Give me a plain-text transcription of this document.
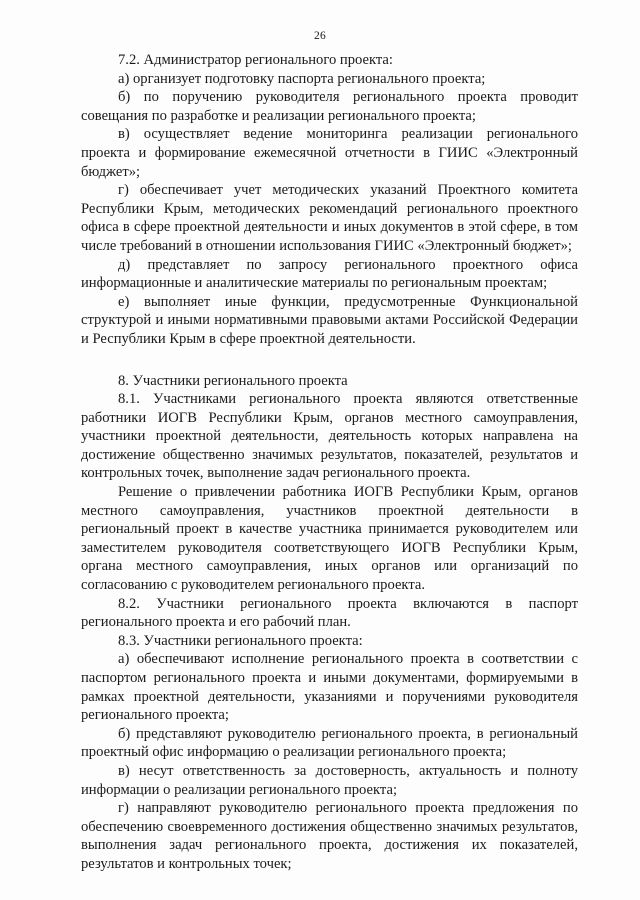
26

7.2. Администратор регионального проекта:

а) организует подготовку паспорта регионального проекта;

б) по поручению руководителя регионального проекта проводит совещания по разработке и реализации регионального проекта;

в) осуществляет ведение мониторинга реализации регионального проекта и формирование ежемесячной отчетности в ГИИС «Электронный бюджет»;

г) обеспечивает учет методических указаний Проектного комитета Республики Крым, методических рекомендаций регионального проектного офиса в сфере проектной деятельности и иных документов в этой сфере, в том числе требований в отношении использования ГИИС «Электронный бюджет»;

д) представляет по запросу регионального проектного офиса информационные и аналитические материалы по региональным проектам;

е) выполняет иные функции, предусмотренные Функциональной структурой и иными нормативными правовыми актами Российской Федерации и Республики Крым в сфере проектной деятельности.

8. Участники регионального проекта

8.1. Участниками регионального проекта являются ответственные работники ИОГВ Республики Крым, органов местного самоуправления, участники проектной деятельности, деятельность которых направлена на достижение общественно значимых результатов, показателей, результатов и контрольных точек, выполнение задач регионального проекта.

Решение о привлечении работника ИОГВ Республики Крым, органов местного самоуправления, участников проектной деятельности в региональный проект в качестве участника принимается руководителем или заместителем руководителя соответствующего ИОГВ Республики Крым, органа местного самоуправления, иных органов или организаций по согласованию с руководителем регионального проекта.

8.2. Участники регионального проекта включаются в паспорт регионального проекта и его рабочий план.

8.3. Участники регионального проекта:

а) обеспечивают исполнение регионального проекта в соответствии с паспортом регионального проекта и иными документами, формируемыми в рамках проектной деятельности, указаниями и поручениями руководителя регионального проекта;

б) представляют руководителю регионального проекта, в региональный проектный офис информацию о реализации регионального проекта;

в) несут ответственность за достоверность, актуальность и полноту информации о реализации регионального проекта;

г) направляют руководителю регионального проекта предложения по обеспечению своевременного достижения общественно значимых результатов, выполнения задач регионального проекта, достижения их показателей, результатов и контрольных точек;
